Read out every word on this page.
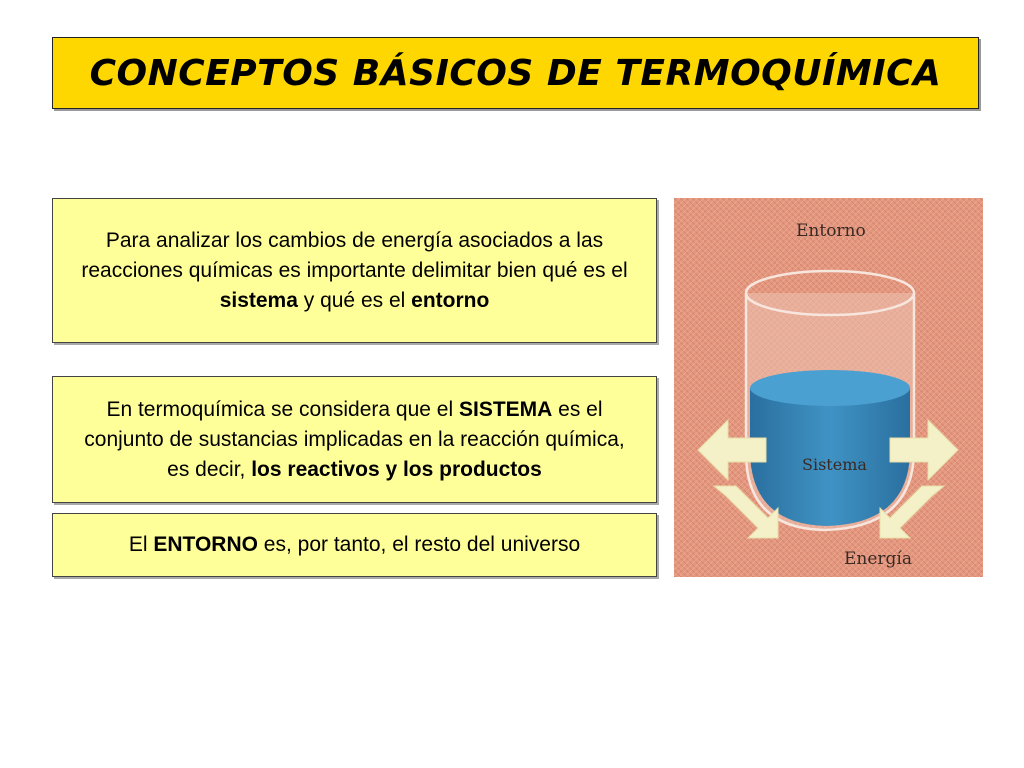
CONCEPTOS BÁSICOS DE TERMOQUÍMICA

Para analizar los cambios de energía asociados a las reacciones químicas es importante delimitar bien qué es el sistema y qué es el entorno

En termoquímica se considera que el SISTEMA es el conjunto de sustancias implicadas en la reacción química, es decir, los reactivos y los productos

El ENTORNO es, por tanto, el resto del universo

Entorno
Sistema
Energía
